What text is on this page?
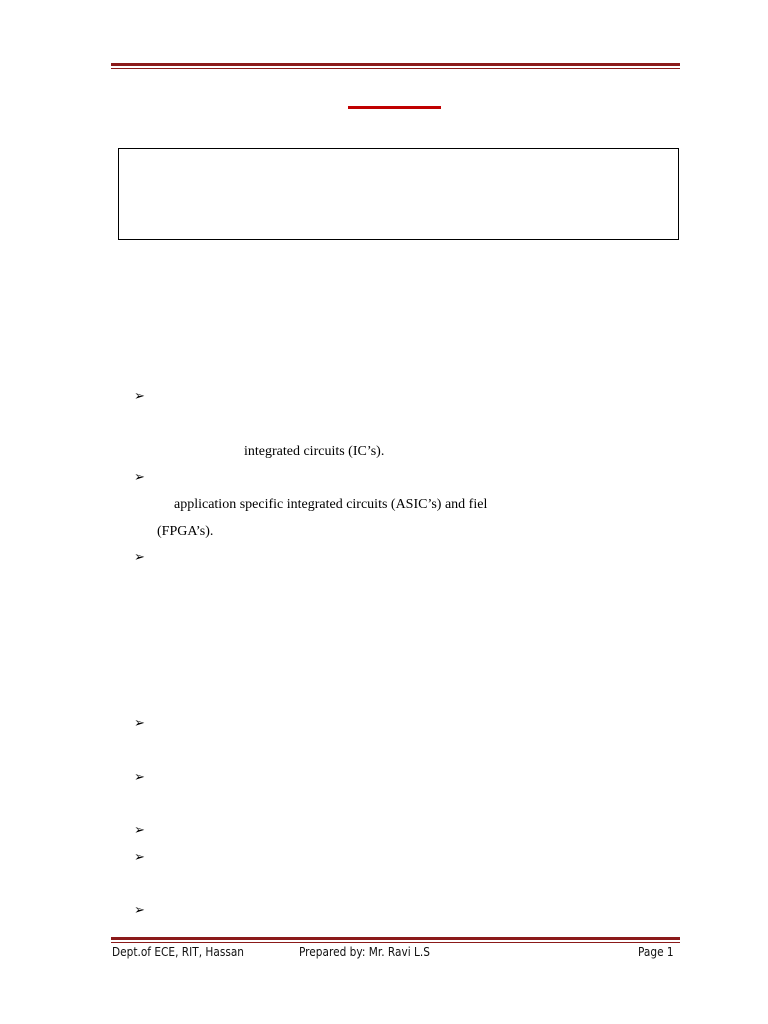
➢
integrated circuits (IC’s).
➢
application specific integrated circuits (ASIC’s) and fiel
(FPGA’s).
➢
➢
➢
➢
➢
➢
Dept.of ECE, RIT, Hassan	Prepared by: Mr. Ravi L.S	Page 1
